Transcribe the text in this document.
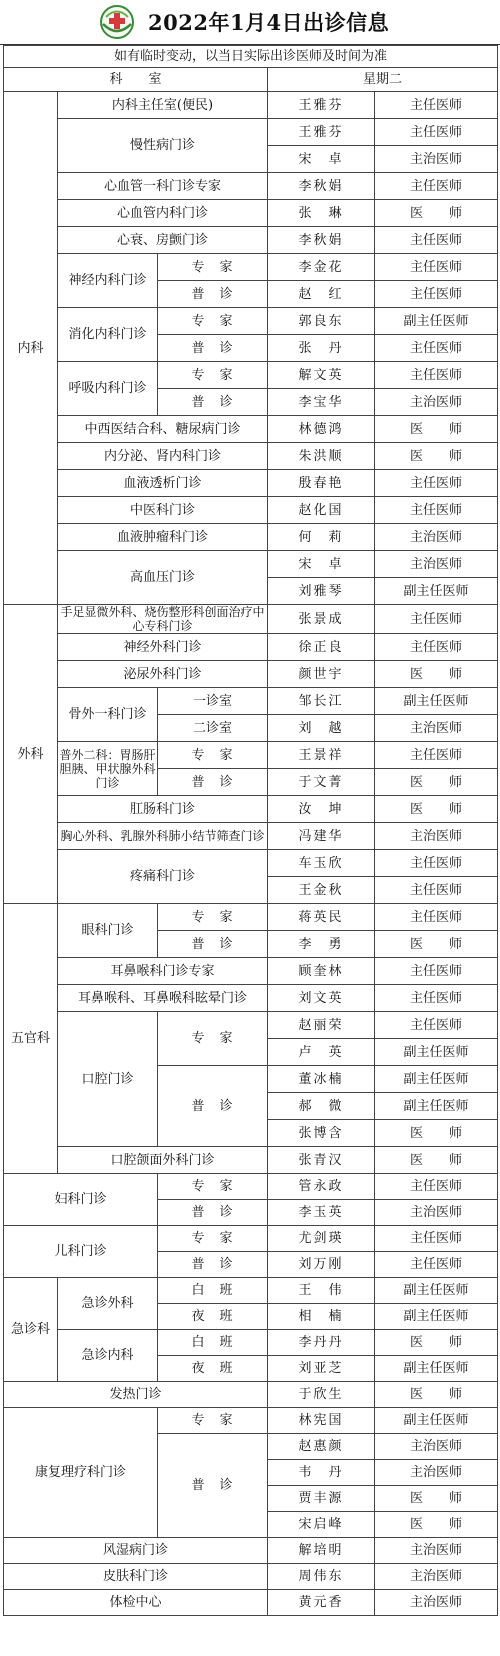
2022年1月4日出诊信息
如有临时变动，以当日实际出诊医师及时间为准				
科　　室			星期二	
内科	内科主任室(便民)		王雅芬	主任医师
	慢性病门诊		王雅芬	主任医师
			宋　卓	主治医师
	心血管一科门诊专家		李秋娟	主任医师
	心血管内科门诊		张　琳	医　　师
	心衰、房颤门诊		李秋娟	主任医师
	神经内科门诊	专　家	李金花	主任医师
		普　诊	赵　红	主任医师
	消化内科门诊	专　家	郭良东	副主任医师
		普　诊	张　丹	主任医师
	呼吸内科门诊	专　家	解文英	主任医师
		普　诊	李宝华	主治医师
	中西医结合科、糖尿病门诊		林德鸿	医　　师
	内分泌、肾内科门诊		朱洪顺	医　　师
	血液透析门诊		殷春艳	主任医师
	中医科门诊		赵化国	主任医师
	血液肿瘤科门诊		何　莉	主治医师
	高血压门诊		宋　卓	主治医师
			刘雅琴	副主任医师
外科	手足显微外科、烧伤整形科创面治疗中心专科门诊		张景成	主任医师
	神经外科门诊		徐正良	主任医师
	泌尿外科门诊		颜世宇	医　　师
	骨外一科门诊	一诊室	邹长江	副主任医师
		二诊室	刘　越	主治医师
	普外二科：胃肠肝胆胰、甲状腺外科门诊	专　家	王景祥	主任医师
		普　诊	于文菁	医　　师
	肛肠科门诊		汝　坤	医　　师
	胸心外科、乳腺外科肺小结节筛查门诊		冯建华	主治医师
	疼痛科门诊		车玉欣	主任医师
			王金秋	主任医师
五官科	眼科门诊	专　家	蒋英民	主任医师
		普　诊	李　勇	医　　师
	耳鼻喉科门诊专家		顾奎林	主任医师
	耳鼻喉科、耳鼻喉科眩晕门诊		刘文英	主任医师
	口腔门诊	专　家	赵丽荣	主任医师
			卢　英	副主任医师
		普　诊	董冰楠	副主任医师
			郝　微	副主任医师
			张博含	医　　师
	口腔颌面外科门诊		张青汉	医　　师
妇科门诊		专　家	管永政	主任医师
		普　诊	李玉英	主治医师
儿科门诊		专　家	尤剑瑛	主任医师
		普　诊	刘万刚	主任医师
急诊科	急诊外科	白　班	王　伟	副主任医师
		夜　班	相　楠	副主任医师
	急诊内科	白　班	李丹丹	医　　师
		夜　班	刘亚芝	副主任医师
发热门诊			于欣生	医　　师
康复理疗科门诊		专　家	林宪国	副主任医师
		普　诊	赵惠颜	主治医师
			韦　丹	主治医师
			贾丰源	医　　师
			宋启峰	医　　师
风湿病门诊			解培明	主治医师
皮肤科门诊			周伟东	主治医师
体检中心			黄元香	主治医师
